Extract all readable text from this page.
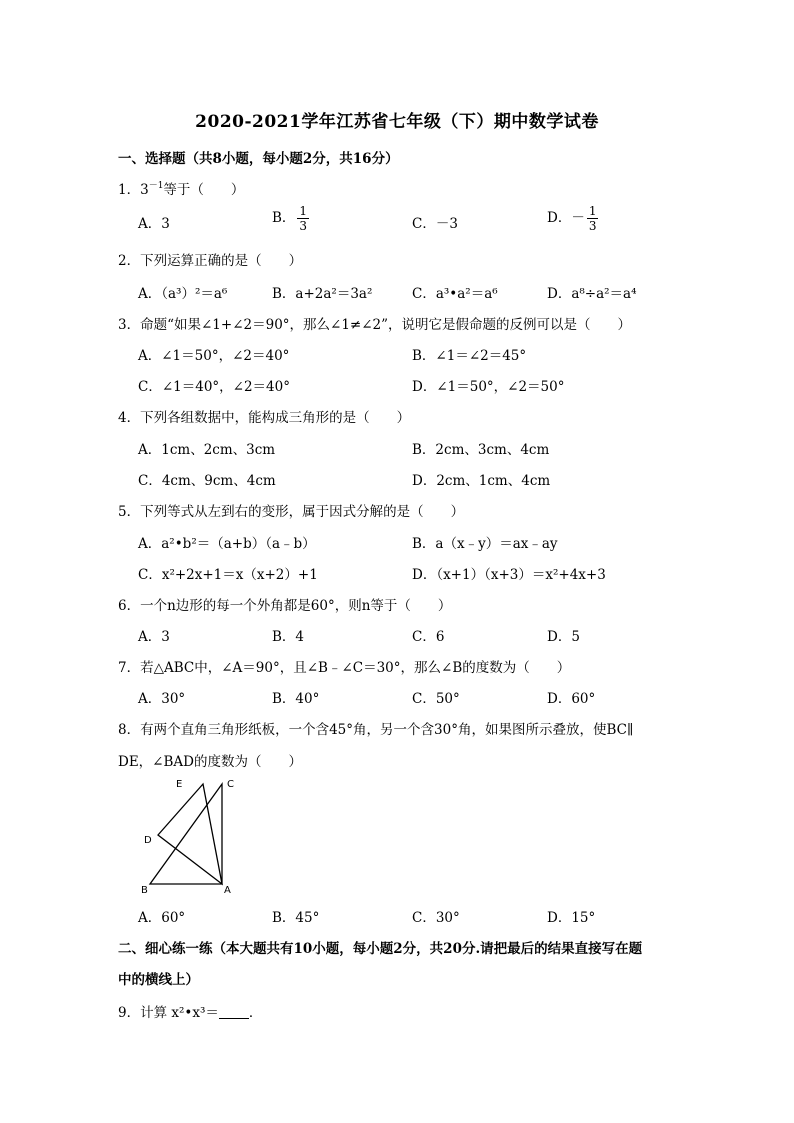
2020-2021学年江苏省七年级（下）期中数学试卷
一、选择题（共8小题，每小题2分，共16分）
1．$3^{-1}$等于（　　）
A．3	B． $\frac{1}{3}$	C．－3	D．－ $\frac{1}{3}$
2．下列运算正确的是（　　）
A．（a³）²＝a⁶	B．a+2a²＝3a²	C．a³•a²＝a⁶	D．a⁸÷a²＝a⁴
3．命题“如果∠1+∠2＝90°，那么∠1≠∠2”，说明它是假命题的反例可以是（　　）
A．∠1＝50°，∠2＝40°	B．∠1＝∠2＝45°
C．∠1＝40°，∠2＝40°	D．∠1＝50°，∠2＝50°
4．下列各组数据中，能构成三角形的是（　　）
A．1cm、2cm、3cm	B．2cm、3cm、4cm
C．4cm、9cm、4cm	D．2cm、1cm、4cm
5．下列等式从左到右的变形，属于因式分解的是（　　）
A．a²•b²＝（a+b）（a﹣b）	B．a（x﹣y）＝ax﹣ay
C．x²+2x+1＝x（x+2）+1	D．（x+1）（x+3）＝x²+4x+3
6．一个n边形的每一个外角都是60°，则n等于（　　）
A．3	B．4	C．6	D．5
7．若△ABC中，∠A＝90°，且∠B﹣∠C＝30°，那么∠B的度数为（　　）
A．30°	B．40°	C．50°	D．60°
8．有两个直角三角形纸板，一个含45°角，另一个含30°角，如果图所示叠放，使BC∥
DE，∠BAD的度数为（　　）
E	C
D
B	A
A．60°	B．45°	C．30°	D．15°
二、细心练一练（本大题共有10小题，每小题2分，共20分.请把最后的结果直接写在题
中的横线上）
9．计算 x²•x³＝ ．
